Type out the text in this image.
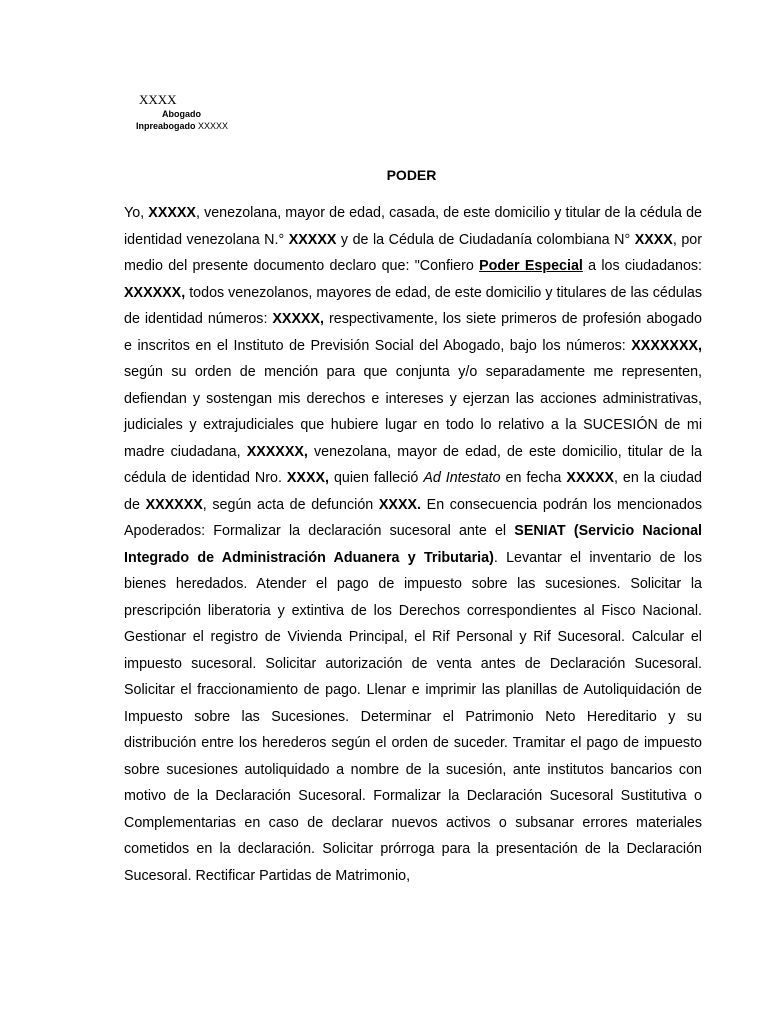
XXXX
Abogado
Inpreabogado XXXXX
PODER

Yo, XXXXX, venezolana, mayor de edad, casada, de este domicilio y titular de la cédula de identidad venezolana N.° XXXXX y de la Cédula de Ciudadanía colombiana N° XXXX, por medio del presente documento declaro que: "Confiero Poder Especial a los ciudadanos: XXXXXX, todos venezolanos, mayores de edad, de este domicilio y titulares de las cédulas de identidad números: XXXXX, respectivamente, los siete primeros de profesión abogado e inscritos en el Instituto de Previsión Social del Abogado, bajo los números: XXXXXXX, según su orden de mención para que conjunta y/o separadamente me representen, defiendan y sostengan mis derechos e intereses y ejerzan las acciones administrativas, judiciales y extrajudiciales que hubiere lugar en todo lo relativo a la SUCESIÓN de mi madre ciudadana, XXXXXX, venezolana, mayor de edad, de este domicilio, titular de la cédula de identidad Nro. XXXX, quien falleció Ad Intestato en fecha XXXXX, en la ciudad de XXXXXX, según acta de defunción XXXX. En consecuencia podrán los mencionados Apoderados: Formalizar la declaración sucesoral ante el SENIAT (Servicio Nacional Integrado de Administración Aduanera y Tributaria). Levantar el inventario de los bienes heredados. Atender el pago de impuesto sobre las sucesiones. Solicitar la prescripción liberatoria y extintiva de los Derechos correspondientes al Fisco Nacional. Gestionar el registro de Vivienda Principal, el Rif Personal y Rif Sucesoral. Calcular el impuesto sucesoral. Solicitar autorización de venta antes de Declaración Sucesoral. Solicitar el fraccionamiento de pago. Llenar e imprimir las planillas de Autoliquidación de Impuesto sobre las Sucesiones. Determinar el Patrimonio Neto Hereditario y su distribución entre los herederos según el orden de suceder. Tramitar el pago de impuesto sobre sucesiones autoliquidado a nombre de la sucesión, ante institutos bancarios con motivo de la Declaración Sucesoral. Formalizar la Declaración Sucesoral Sustitutiva o Complementarias en caso de declarar nuevos activos o subsanar errores materiales cometidos en la declaración. Solicitar prórroga para la presentación de la Declaración Sucesoral. Rectificar Partidas de Matrimonio,
